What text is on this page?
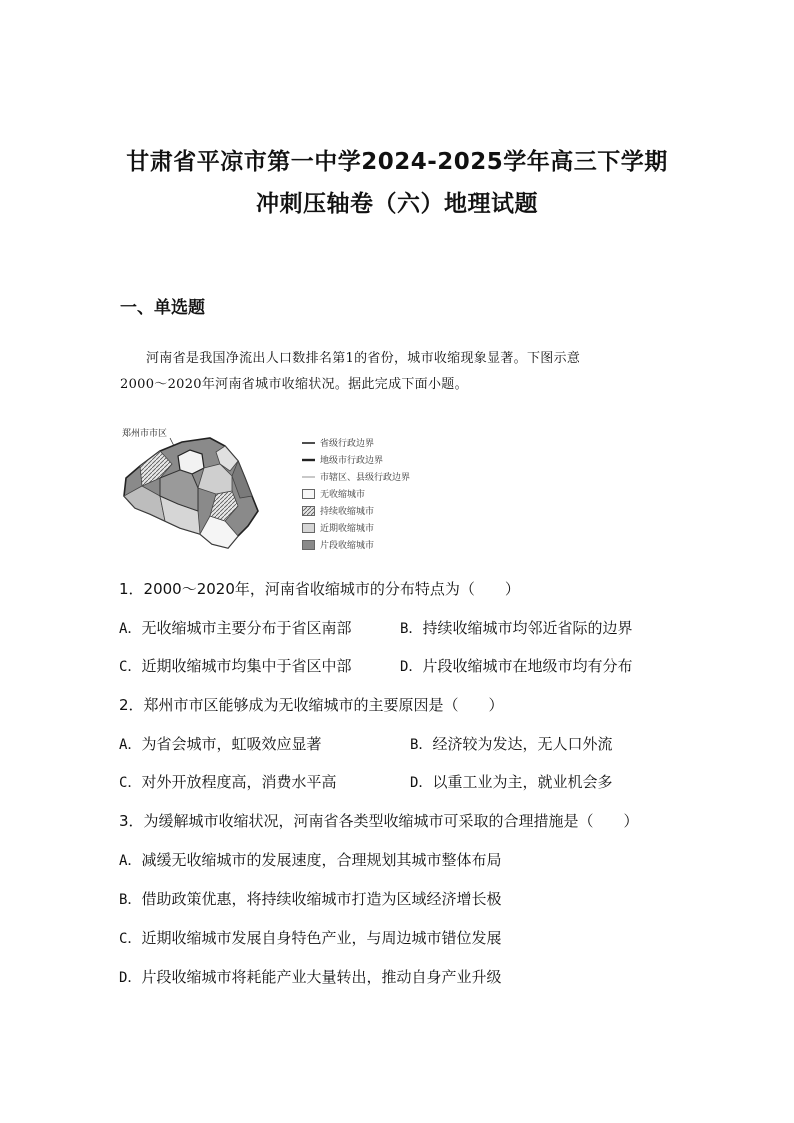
甘肃省平凉市第一中学2024-2025学年高三下学期
冲刺压轴卷（六）地理试题
一、单选题
河南省是我国净流出人口数排名第1的省份，城市收缩现象显著。下图示意
2000～2020年河南省城市收缩状况。据此完成下面小题。
郑州市市区
省级行政边界
地级市行政边界
市辖区、县级行政边界
无收缩城市
持续收缩城市
近期收缩城市
片段收缩城市
1．2000～2020年，河南省收缩城市的分布特点为（　　）
A．无收缩城市主要分布于省区南部	B．持续收缩城市均邻近省际的边界
C．近期收缩城市均集中于省区中部	D．片段收缩城市在地级市均有分布
2．郑州市市区能够成为无收缩城市的主要原因是（　　）
A．为省会城市，虹吸效应显著	B．经济较为发达，无人口外流
C．对外开放程度高，消费水平高	D．以重工业为主，就业机会多
3．为缓解城市收缩状况，河南省各类型收缩城市可采取的合理措施是（　　）
A．减缓无收缩城市的发展速度，合理规划其城市整体布局
B．借助政策优惠，将持续收缩城市打造为区域经济增长极
C．近期收缩城市发展自身特色产业，与周边城市错位发展
D．片段收缩城市将耗能产业大量转出，推动自身产业升级
